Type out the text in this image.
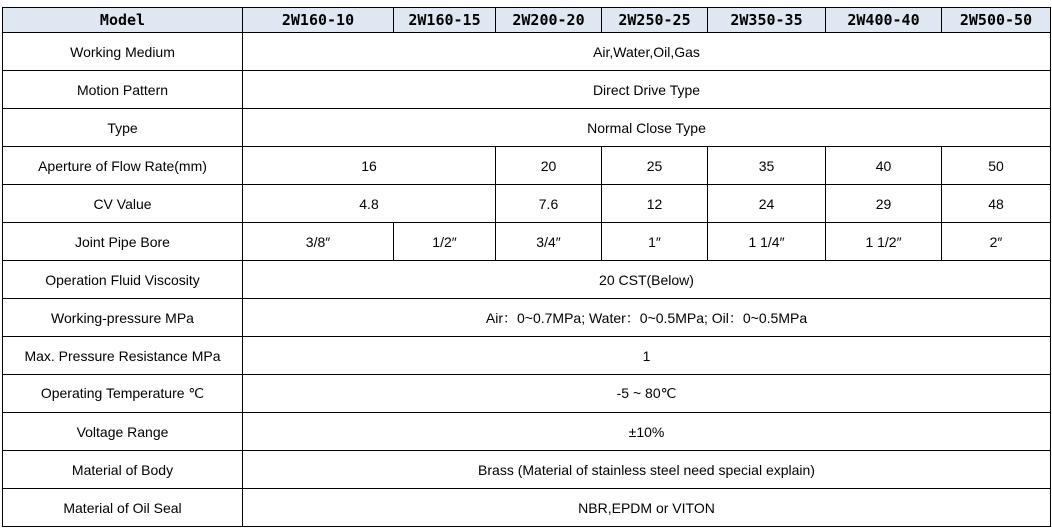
Model	2W160-10	2W160-15	2W200-20	2W250-25	2W350-35	2W400-40	2W500-50
Working Medium	Air,Water,Oil,Gas						
Motion Pattern	Direct Drive Type						
Type	Normal Close Type						
Aperture of Flow Rate(mm)	16		20	25	35	40	50
CV Value	4.8		7.6	12	24	29	48
Joint Pipe Bore	3/8″	1/2″	3/4″	1″	1 1/4″	1 1/2″	2″
Operation Fluid Viscosity	20 CST(Below)						
Working-pressure MPa	Air：0~0.7MPa; Water：0~0.5MPa; Oil：0~0.5MPa						
Max. Pressure Resistance MPa	1						
Operating Temperature ℃	-5 ~ 80℃						
Voltage Range	±10%						
Material of Body	Brass (Material of stainless steel need special explain)						
Material of Oil Seal	NBR,EPDM or VITON						
